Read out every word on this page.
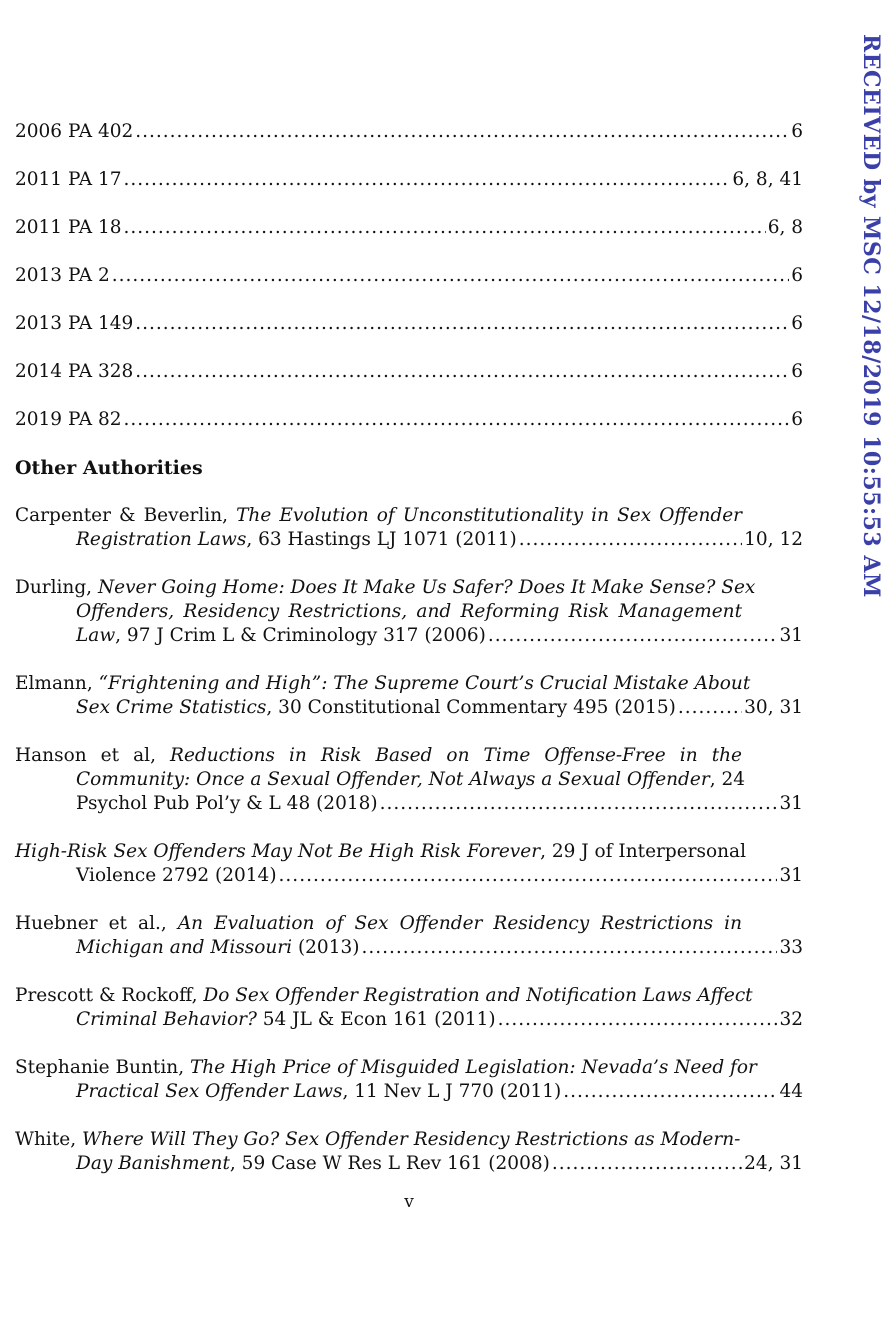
RECEIVED by MSC 12/18/2019 10:55:53 AM
2006 PA 402 .....	6
2011 PA 17 .....	6, 8, 41
2011 PA 18 .....	6, 8
2013 PA 2 .....	6
2013 PA 149 .....	6
2014 PA 328 .....	6
2019 PA 82 .....	6
Other Authorities
Carpenter & Beverlin, The Evolution of Unconstitutionality in Sex Offender
Registration Laws, 63 Hastings LJ 1071 (2011) .....	10, 12
Durling, Never Going Home: Does It Make Us Safer? Does It Make Sense? Sex
Offenders, Residency Restrictions, and Reforming Risk Management
Law, 97 J Crim L & Criminology 317 (2006) .....	31
Elmann, “Frightening and High”: The Supreme Court’s Crucial Mistake About
Sex Crime Statistics, 30 Constitutional Commentary 495 (2015) .....	30, 31
Hanson et al, Reductions in Risk Based on Time Offense-Free in the
Community: Once a Sexual Offender, Not Always a Sexual Offender, 24
Psychol Pub Pol’y & L 48 (2018) .....	31
High-Risk Sex Offenders May Not Be High Risk Forever, 29 J of Interpersonal
Violence 2792 (2014) .....	31
Huebner et al., An Evaluation of Sex Offender Residency Restrictions in
Michigan and Missouri (2013) .....	33
Prescott & Rockoff, Do Sex Offender Registration and Notification Laws Affect
Criminal Behavior? 54 JL & Econ 161 (2011) .....	32
Stephanie Buntin, The High Price of Misguided Legislation: Nevada’s Need for
Practical Sex Offender Laws, 11 Nev L J 770 (2011) .....	44
White, Where Will They Go? Sex Offender Residency Restrictions as Modern-
Day Banishment, 59 Case W Res L Rev 161 (2008) .....	24, 31
v
